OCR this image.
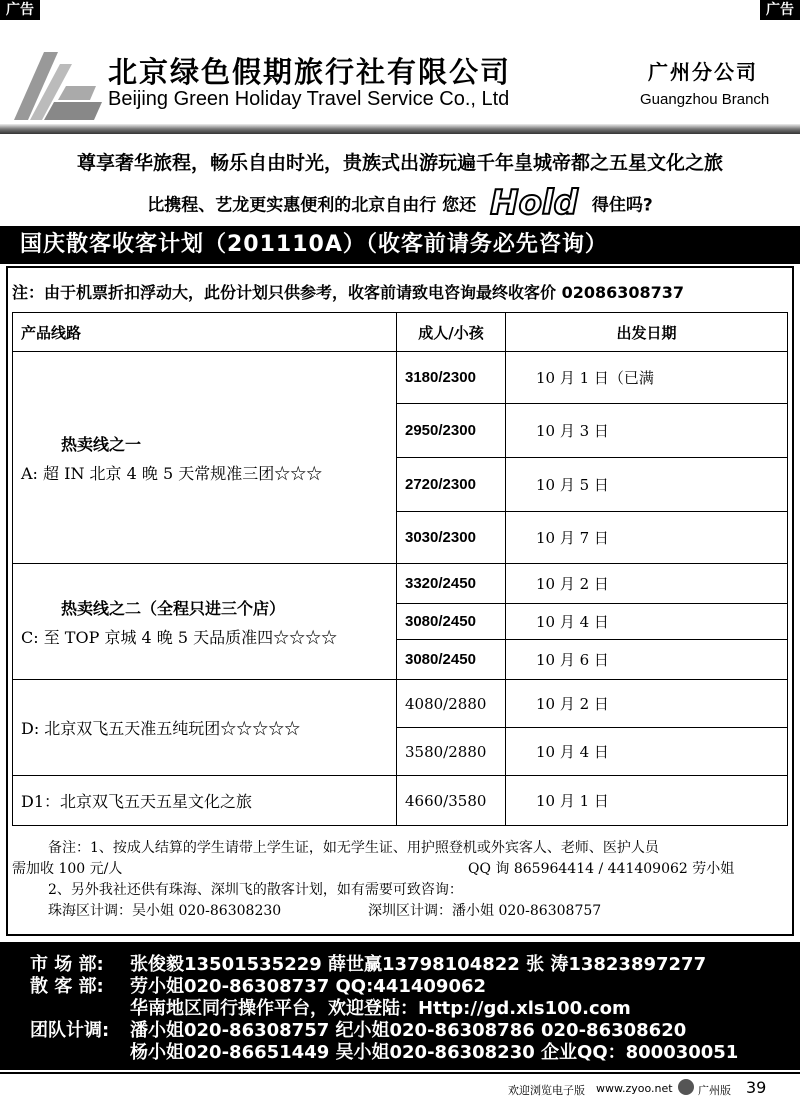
广告	广告
北京绿色假期旅行社有限公司	广州分公司
Beijing Green Holiday Travel Service Co., Ltd	Guangzhou Branch
尊享奢华旅程，畅乐自由时光，贵族式出游玩遍千年皇城帝都之五星文化之旅
比携程、艺龙更实惠便利的北京自由行 您还 Hold 得住吗?
国庆散客收客计划（201110A）（收客前请务必先咨询）
注：由于机票折扣浮动大，此份计划只供参考，收客前请致电咨询最终收客价 02086308737
产品线路	成人/小孩	出发日期

热卖线之一
A: 超 IN 北京 4 晚 5 天常规准三团☆☆☆	3180/2300	10 月 1 日（已满
	2950/2300	10 月 3 日
	2720/2300	10 月 5 日
	3030/2300	10 月 7 日

热卖线之二（全程只进三个店）
C: 至 TOP 京城 4 晚 5 天品质准四☆☆☆☆	3320/2450	10 月 2 日
	3080/2450	10 月 4 日
	3080/2450	10 月 6 日
D: 北京双飞五天准五纯玩团☆☆☆☆☆	4080/2880	10 月 2 日
	3580/2880	10 月 4 日
D1：北京双飞五天五星文化之旅	4660/3580	10 月 1 日
备注：1、按成人结算的学生请带上学生证，如无学生证、用护照登机或外宾客人、老师、医护人员
需加收 100 元/人	QQ 询 865964414 / 441409062 劳小姐
2、另外我社还供有珠海、深圳飞的散客计划，如有需要可致咨询：
珠海区计调：吴小姐 020-86308230	深圳区计调：潘小姐 020-86308757
市 场 部: 张俊毅13501535229 薛世赢13798104822 张 涛13823897277
散 客 部: 劳小姐020-86308737 QQ:441409062
华南地区同行操作平台，欢迎登陆：Http://gd.xls100.com
团队计调: 潘小姐020-86308757 纪小姐020-86308786 020-86308620
杨小姐020-86651449 吴小姐020-86308230 企业QQ：800030051
欢迎浏览电子版 www.zyoo.net 广州版 39
